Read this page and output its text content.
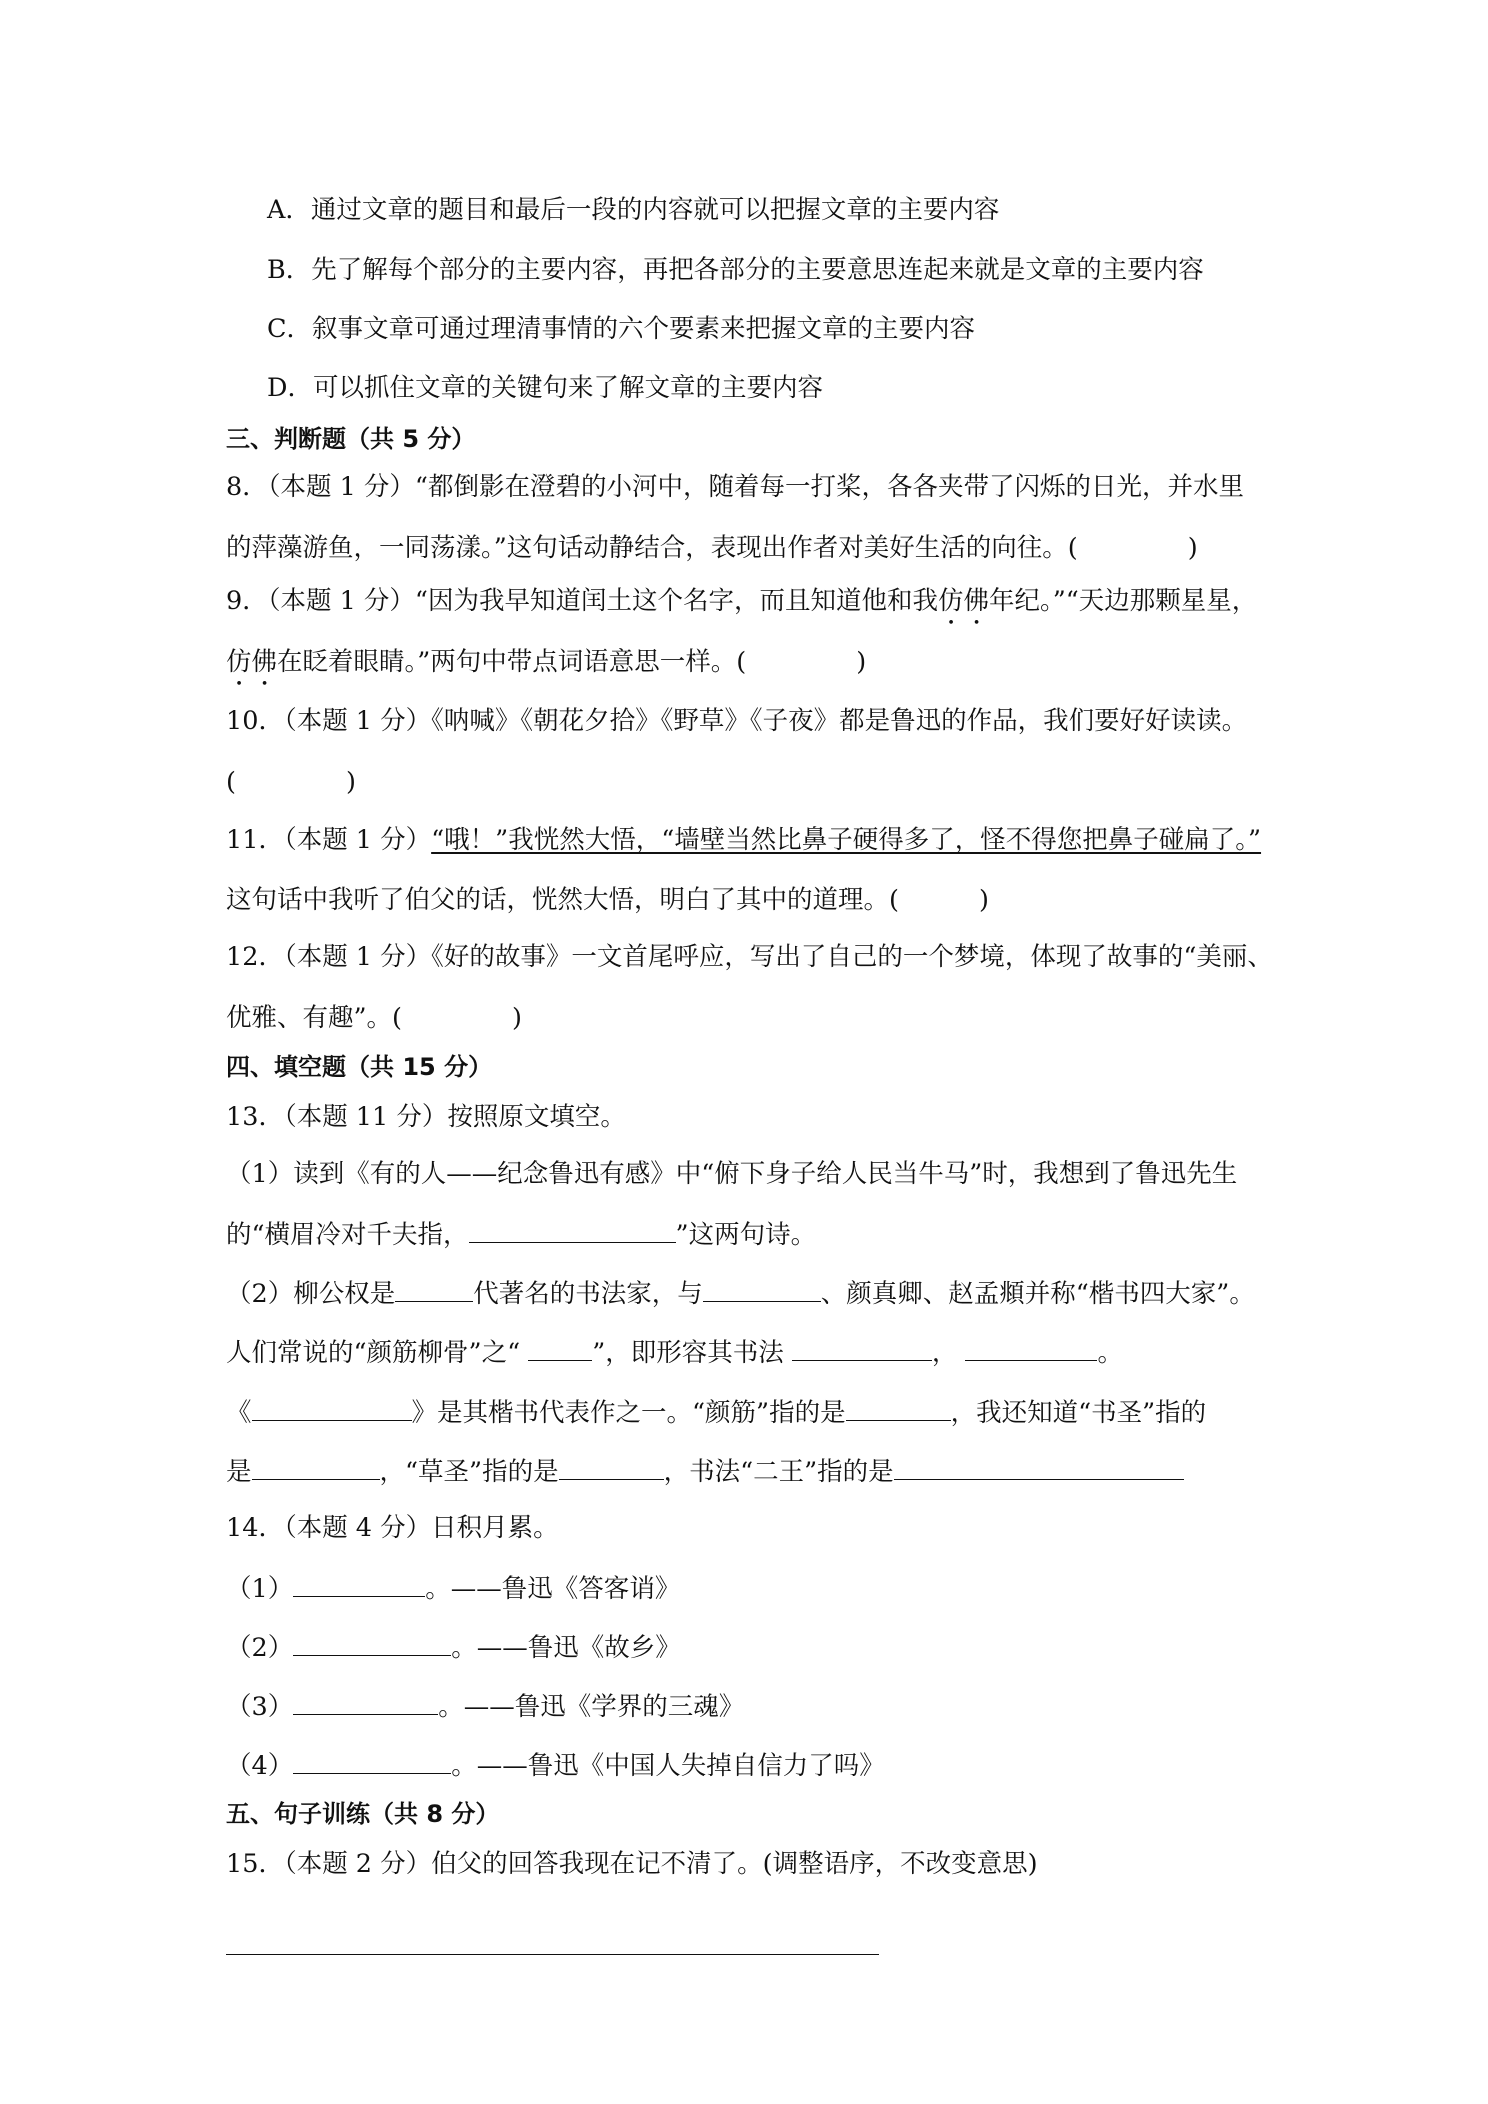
A．通过文章的题目和最后一段的内容就可以把握文章的主要内容
B．先了解每个部分的主要内容，再把各部分的主要意思连起来就是文章的主要内容
C．叙事文章可通过理清事情的六个要素来把握文章的主要内容
D．可以抓住文章的关键句来了解文章的主要内容
三、判断题（共 5 分）
8．（本题 1 分）“都倒影在澄碧的小河中，随着每一打桨，各各夹带了闪烁的日光，并水里
的萍藻游鱼，一同荡漾。”这句话动静结合，表现出作者对美好生活的向往。(	)
9．（本题 1 分）“因为我早知道闰土这个名字，而且知道他和我仿佛年纪。”“天边那颗星星，
仿佛在眨着眼睛。”两句中带点词语意思一样。(	)
10．（本题 1 分）《呐喊》《朝花夕拾》《野草》《子夜》都是鲁迅的作品，我们要好好读读。
(	)
11．（本题 1 分）“哦！”我恍然大悟，“墙壁当然比鼻子硬得多了，怪不得您把鼻子碰扁了。”
这句话中我听了伯父的话，恍然大悟，明白了其中的道理。(	)
12．（本题 1 分）《好的故事》一文首尾呼应，写出了自己的一个梦境，体现了故事的“美丽、
优雅、有趣”。(	)
四、填空题（共 15 分）
13．（本题 11 分）按照原文填空。
（1）读到《有的人——纪念鲁迅有感》中“俯下身子给人民当牛马”时，我想到了鲁迅先生
的“横眉冷对千夫指，	”这两句诗。
（2）柳公权是	代著名的书法家，与	、颜真卿、赵孟頫并称“楷书四大家”。
人们常说的“颜筋柳骨”之“	”，即形容其书法	，	。
《	》是其楷书代表作之一。“颜筋”指的是	，我还知道“书圣”指的
是	，“草圣”指的是	，书法“二王”指的是
14．（本题 4 分）日积月累。
（1）	。——鲁迅《答客诮》
（2）	。——鲁迅《故乡》
（3）	。——鲁迅《学界的三魂》
（4）	。——鲁迅《中国人失掉自信力了吗》
五、句子训练（共 8 分）
15．（本题 2 分）伯父的回答我现在记不清了。(调整语序，不改变意思)
